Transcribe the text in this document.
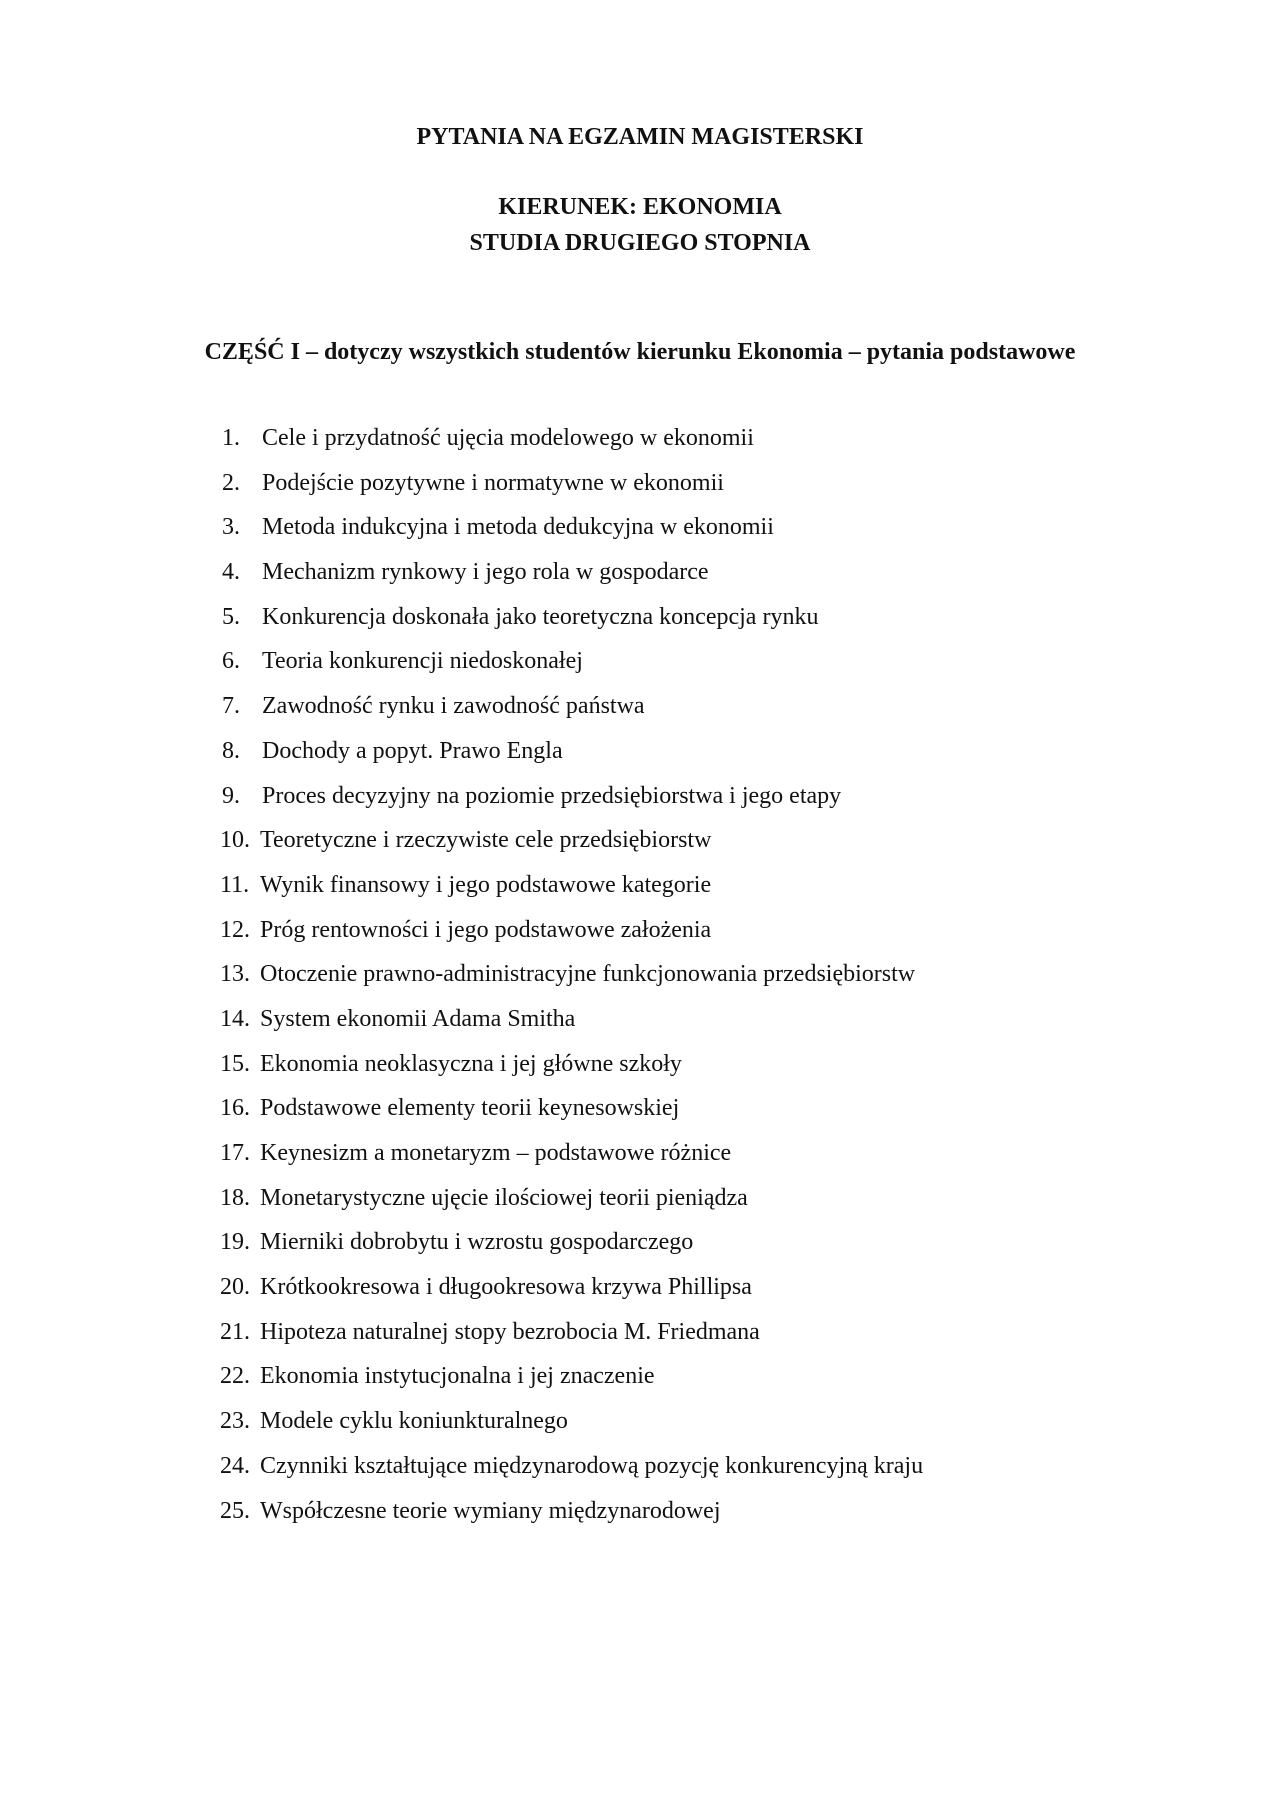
PYTANIA NA EGZAMIN MAGISTERSKI
KIERUNEK: EKONOMIA
STUDIA DRUGIEGO STOPNIA
CZĘŚĆ I – dotyczy wszystkich studentów kierunku Ekonomia – pytania podstawowe
1. Cele i przydatność ujęcia modelowego w ekonomii
2. Podejście pozytywne i normatywne w ekonomii
3. Metoda indukcyjna i metoda dedukcyjna w ekonomii
4. Mechanizm rynkowy i jego rola w gospodarce
5. Konkurencja doskonała jako teoretyczna koncepcja rynku
6. Teoria konkurencji niedoskonałej
7. Zawodność rynku i zawodność państwa
8. Dochody a popyt. Prawo Engla
9. Proces decyzyjny na poziomie przedsiębiorstwa i jego etapy
10. Teoretyczne i rzeczywiste cele przedsiębiorstw
11. Wynik finansowy i jego podstawowe kategorie
12. Próg rentowności i jego podstawowe założenia
13. Otoczenie prawno-administracyjne funkcjonowania przedsiębiorstw
14. System ekonomii Adama Smitha
15. Ekonomia neoklasyczna i jej główne szkoły
16. Podstawowe elementy teorii keynesowskiej
17. Keynesizm a monetaryzm – podstawowe różnice
18. Monetarystyczne ujęcie ilościowej teorii pieniądza
19. Mierniki dobrobytu i wzrostu gospodarczego
20. Krótkookresowa i długookresowa krzywa Phillipsa
21. Hipoteza naturalnej stopy bezrobocia M. Friedmana
22. Ekonomia instytucjonalna i jej znaczenie
23. Modele cyklu koniunkturalnego
24. Czynniki kształtujące międzynarodową pozycję konkurencyjną kraju
25. Współczesne teorie wymiany międzynarodowej
